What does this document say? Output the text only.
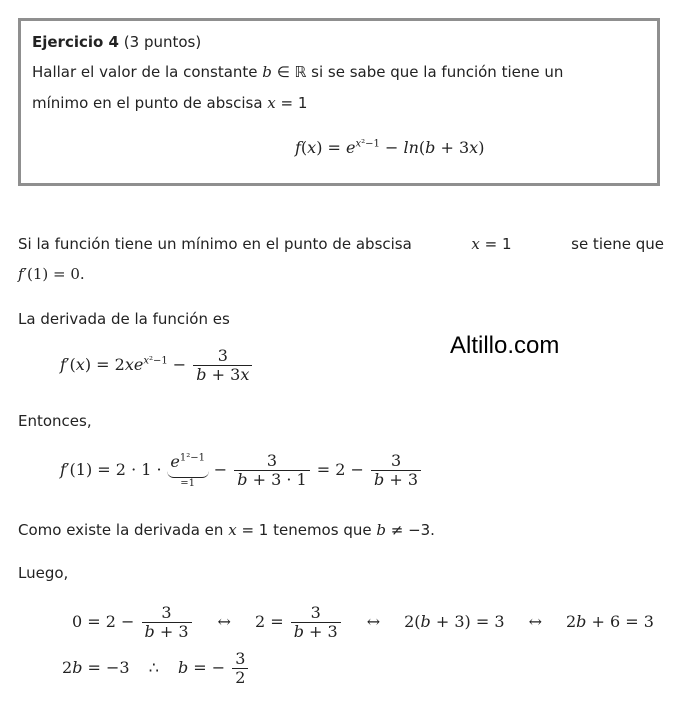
Ejercicio 4 (3 puntos)
Hallar el valor de la constante b ∈ ℝ si se sabe que la función tiene un
mínimo en el punto de abscisa x = 1
$f(x) = e^{x^2-1} - \ln(b + 3x)$
Si la función tiene un mínimo en el punto de abscisa	x = 1	se tiene que
f′(1) = 0.
La derivada de la función es
$f'(x) = 2xe^{x^2-1} - \frac{3}{b + 3x}$
Altillo.com
Entonces,
$f'(1) = 2 \cdot 1 \cdot e^{1^2-1}$
=1
− $\frac{3}{b + 3 \cdot 1} = 2 - \frac{3}{b + 3}$
Como existe la derivada en x = 1 tenemos que b ≠ −3.
Luego,
$0 = 2 - \frac{3}{b + 3}$ ↔ $2 = \frac{3}{b + 3}$ ↔ 2(b + 3) = 3 ↔ 2b + 6 = 3
2b = −3 ∴ b = − $\frac{3}{2}$
